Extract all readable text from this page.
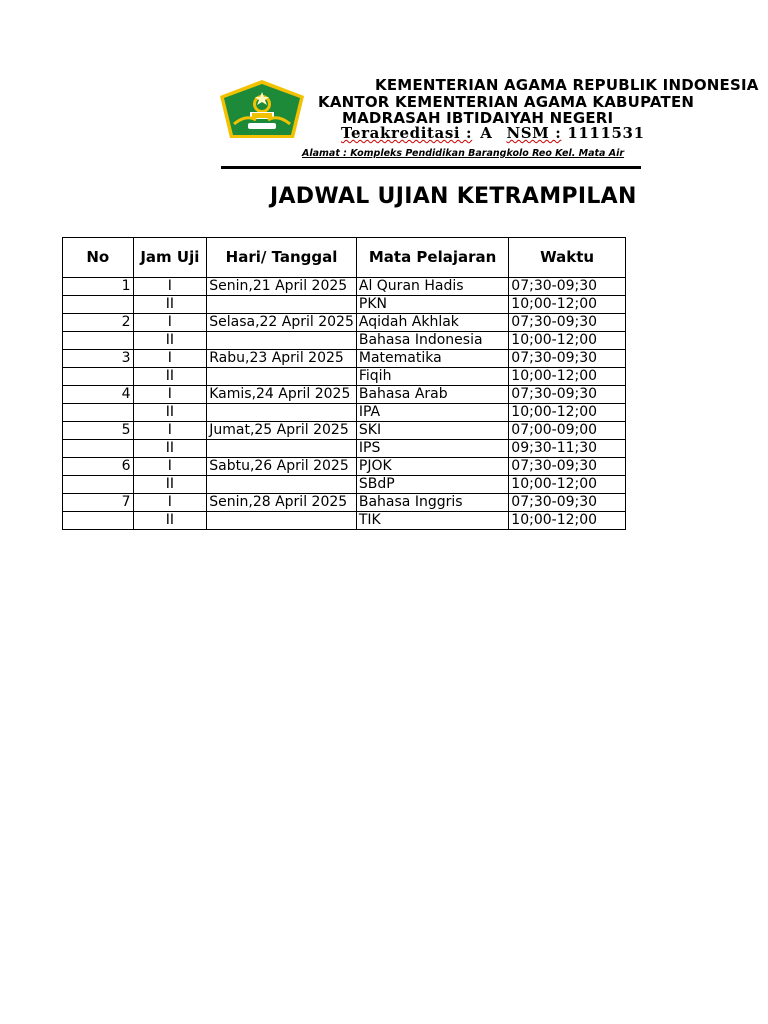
KEMENTERIAN AGAMA REPUBLIK INDONESIA
KANTOR KEMENTERIAN AGAMA KABUPATEN
MADRASAH IBTIDAIYAH NEGERI
Terakreditasi : A NSM : 1111531
Alamat : Kompleks Pendidikan Barangkolo Reo Kel. Mata Air
JADWAL UJIAN KETRAMPILAN
No	Jam Uji	Hari/ Tanggal	Mata Pelajaran	Waktu
1	I	Senin,21 April 2025	Al Quran Hadis	07;30-09;30
	II		PKN	10;00-12;00
2	I	Selasa,22 April 2025	Aqidah Akhlak	07;30-09;30
	II		Bahasa Indonesia	10;00-12;00
3	I	Rabu,23 April 2025	Matematika	07;30-09;30
	II		Fiqih	10;00-12;00
4	I	Kamis,24 April 2025	Bahasa Arab	07;30-09;30
	II		IPA	10;00-12;00
5	I	Jumat,25 April 2025	SKI	07;00-09;00
	II		IPS	09;30-11;30
6	I	Sabtu,26 April 2025	PJOK	07;30-09;30
	II		SBdP	10;00-12;00
7	I	Senin,28 April 2025	Bahasa Inggris	07;30-09;30
	II		TIK	10;00-12;00
